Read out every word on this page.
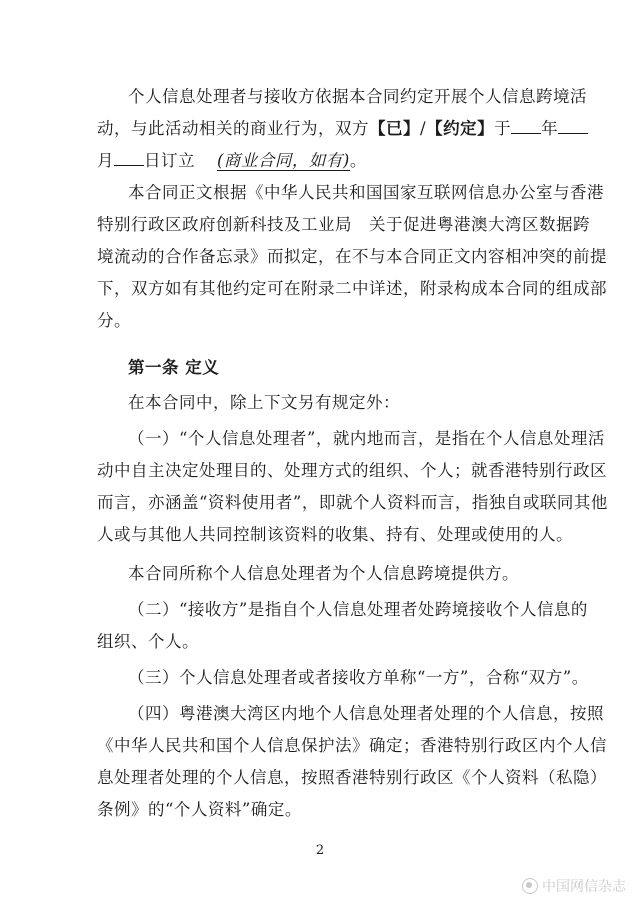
个人信息处理者与接收方依据本合同约定开展个人信息跨境活
动，与此活动相关的商业行为，双方【已】/【约定】于 年
月 日订立 (商业合同，如有)。
本合同正文根据《中华人民共和国国家互联网信息办公室与香港
特别行政区政府创新科技及工业局　关于促进粤港澳大湾区数据跨
境流动的合作备忘录》而拟定，在不与本合同正文内容相冲突的前提
下，双方如有其他约定可在附录二中详述，附录构成本合同的组成部
分。
第一条 定义
在本合同中，除上下文另有规定外：
（一）“个人信息处理者”，就内地而言，是指在个人信息处理活
动中自主决定处理目的、处理方式的组织、个人；就香港特别行政区
而言，亦涵盖“资料使用者”，即就个人资料而言，指独自或联同其他
人或与其他人共同控制该资料的收集、持有、处理或使用的人。
本合同所称个人信息处理者为个人信息跨境提供方。
（二）“接收方”是指自个人信息处理者处跨境接收个人信息的
组织、个人。
（三）个人信息处理者或者接收方单称“一方”，合称“双方”。
（四）粤港澳大湾区内地个人信息处理者处理的个人信息，按照
《中华人民共和国个人信息保护法》确定；香港特别行政区内个人信
息处理者处理的个人信息，按照香港特别行政区《个人资料（私隐）
条例》的“个人资料”确定。
2
中国网信杂志
